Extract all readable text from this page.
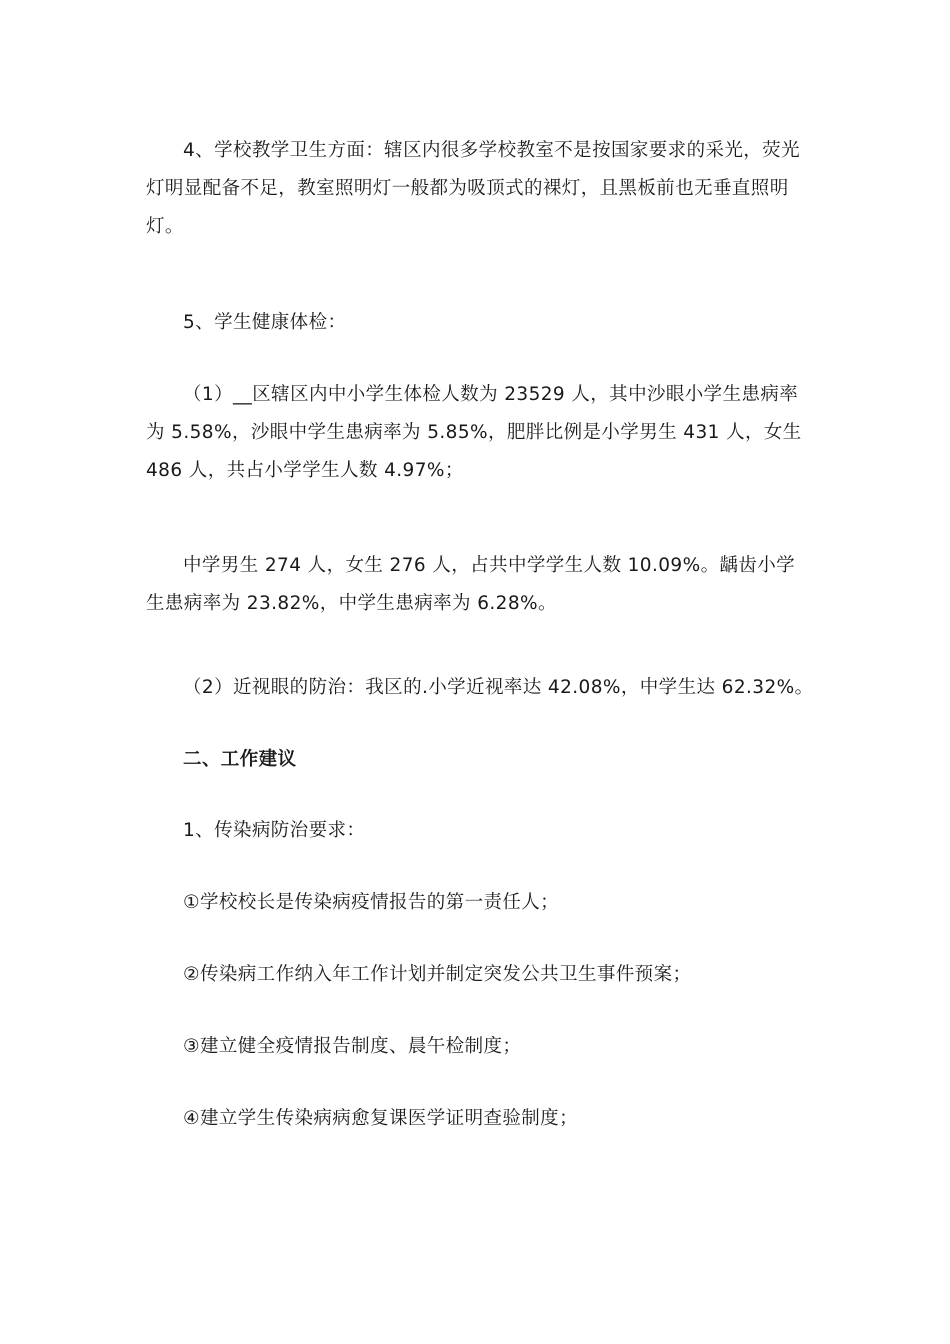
4、学校教学卫生方面：辖区内很多学校教室不是按国家要求的采光，荧光灯明显配备不足，教室照明灯一般都为吸顶式的裸灯，且黑板前也无垂直照明灯。

5、学生健康体检：

（1）__区辖区内中小学生体检人数为 23529 人，其中沙眼小学生患病率为 5.58%，沙眼中学生患病率为 5.85%，肥胖比例是小学男生 431 人，女生 486 人，共占小学学生人数 4.97%；

中学男生 274 人，女生 276 人，占共中学学生人数 10.09%。龋齿小学生患病率为 23.82%，中学生患病率为 6.28%。

（2）近视眼的防治：我区的.小学近视率达 42.08%，中学生达 62.32%。

二、工作建议

1、传染病防治要求：

①学校校长是传染病疫情报告的第一责任人；

②传染病工作纳入年工作计划并制定突发公共卫生事件预案；

③建立健全疫情报告制度、晨午检制度；

④建立学生传染病病愈复课医学证明查验制度；
